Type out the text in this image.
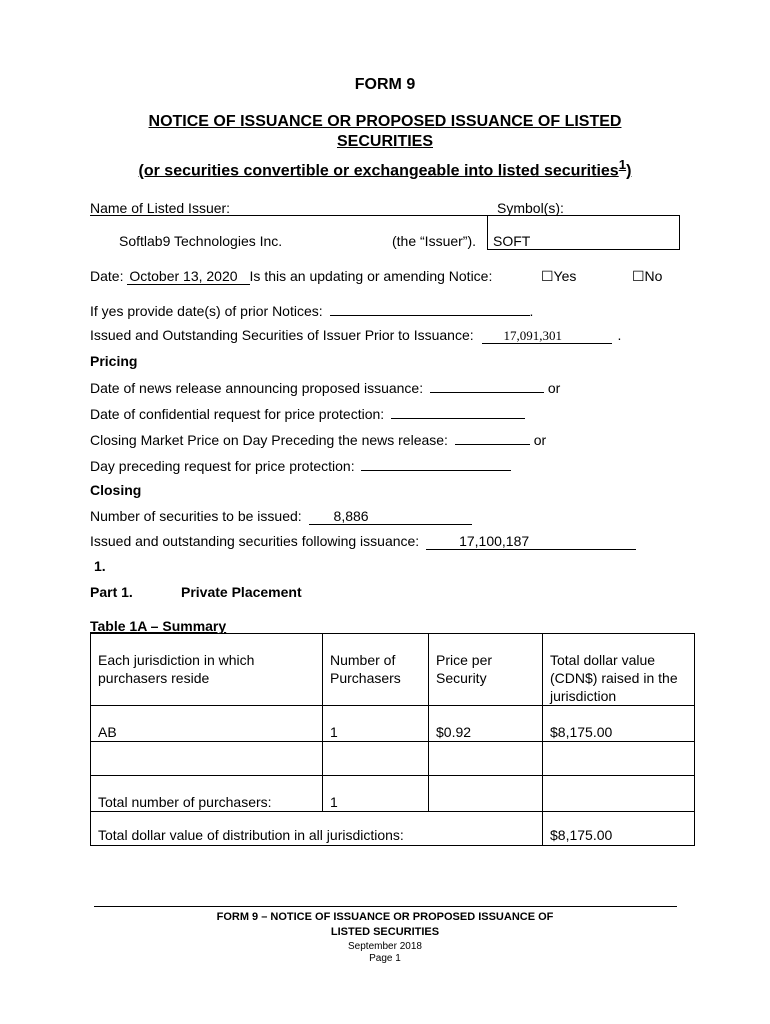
FORM 9
NOTICE OF ISSUANCE OR PROPOSED ISSUANCE OF LISTED
SECURITIES
(or securities convertible or exchangeable into listed securities$^1$)
Name of Listed Issuer:	Symbol(s):
Softlab9 Technologies Inc.	(the “Issuer”).	SOFT
Date: October 13, 2020 Is this an updating or amending Notice:	☐Yes	☐No
If yes provide date(s) of prior Notices:	.
Issued and Outstanding Securities of Issuer Prior to Issuance: 17,091,301	.
Pricing
Date of news release announcing proposed issuance:	or
Date of confidential request for price protection:
Closing Market Price on Day Preceding the news release:	or
Day preceding request for price protection:
Closing
Number of securities to be issued: 8,886
Issued and outstanding securities following issuance:	17,100,187
1.
Part 1.	Private Placement
Table 1A – Summary
Each jurisdiction in which purchasers reside	Number of Purchasers	Price per Security	Total dollar value (CDN$) raised in the jurisdiction
AB	1	$0.92	$8,175.00

Total number of purchasers:	1		
Total dollar value of distribution in all jurisdictions:			$8,175.00
FORM 9 – NOTICE OF ISSUANCE OR PROPOSED ISSUANCE OF
LISTED SECURITIES
September 2018
Page 1
